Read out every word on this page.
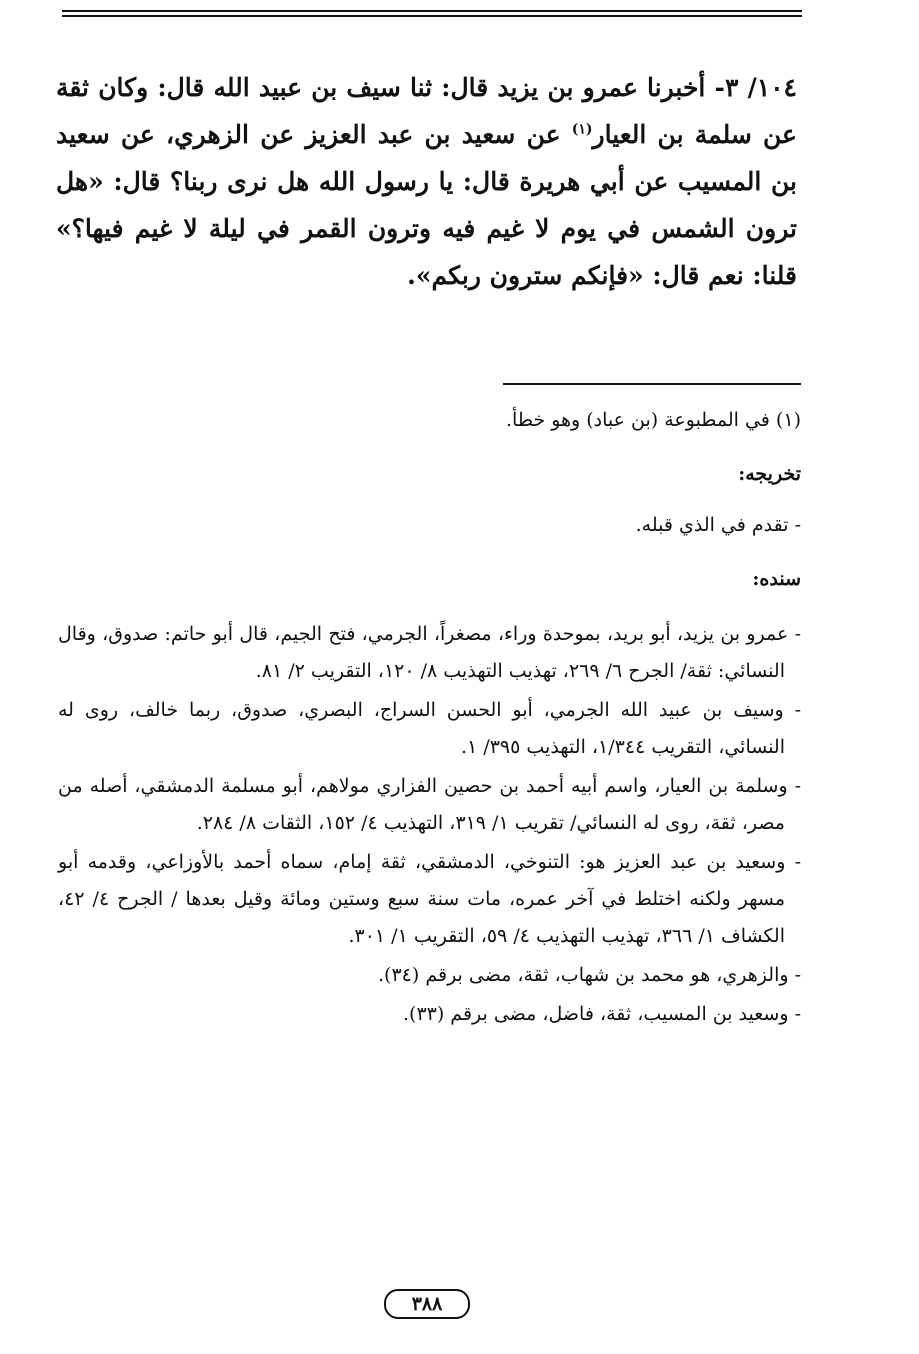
١٠٤/ ٣- أخبرنا عمرو بن يزيد قال: ثنا سيف بن عبيد الله قال: وكان ثقة عن سلمة بن العيار$^{(١)}$ عن سعيد بن عبد العزيز عن الزهري، عن سعيد بن المسيب عن أبي هريرة قال: يا رسول الله هل نرى ربنا؟ قال: «هل ترون الشمس في يوم لا غيم فيه وترون القمر في ليلة لا غيم فيها؟» قلنا: نعم قال: «فإنكم سترون ربكم».

(١) في المطبوعة (بن عباد) وهو خطأ.

تخريجه:

- تقدم في الذي قبله.

سنده:

- عمرو بن يزيد، أبو بريد، بموحدة وراء، مصغراً، الجرمي، فتح الجيم، قال أبو حاتم: صدوق، وقال النسائي: ثقة/ الجرح ٦/ ٢٦٩، تهذيب التهذيب ٨/ ١٢٠، التقريب ٢/ ٨١.

- وسيف بن عبيد الله الجرمي، أبو الحسن السراج، البصري، صدوق، ربما خالف، روى له النسائي، التقريب ١/٣٤٤، التهذيب ٣٩٥/ ١.

- وسلمة بن العيار، واسم أبيه أحمد بن حصين الفزاري مولاهم، أبو مسلمة الدمشقي، أصله من مصر، ثقة، روى له النسائي/ تقريب ١/ ٣١٩، التهذيب ٤/ ١٥٢، الثقات ٨/ ٢٨٤.

- وسعيد بن عبد العزيز هو: التنوخي، الدمشقي، ثقة إمام، سماه أحمد بالأوزاعي، وقدمه أبو مسهر ولكنه اختلط في آخر عمره، مات سنة سبع وستين ومائة وقيل بعدها / الجرح ٤/ ٤٢، الكشاف ١/ ٣٦٦، تهذيب التهذيب ٤/ ٥٩، التقريب ١/ ٣٠١.

- والزهري، هو محمد بن شهاب، ثقة، مضى برقم (٣٤).

- وسعيد بن المسيب، ثقة، فاضل، مضى برقم (٣٣).

٣٨٨
